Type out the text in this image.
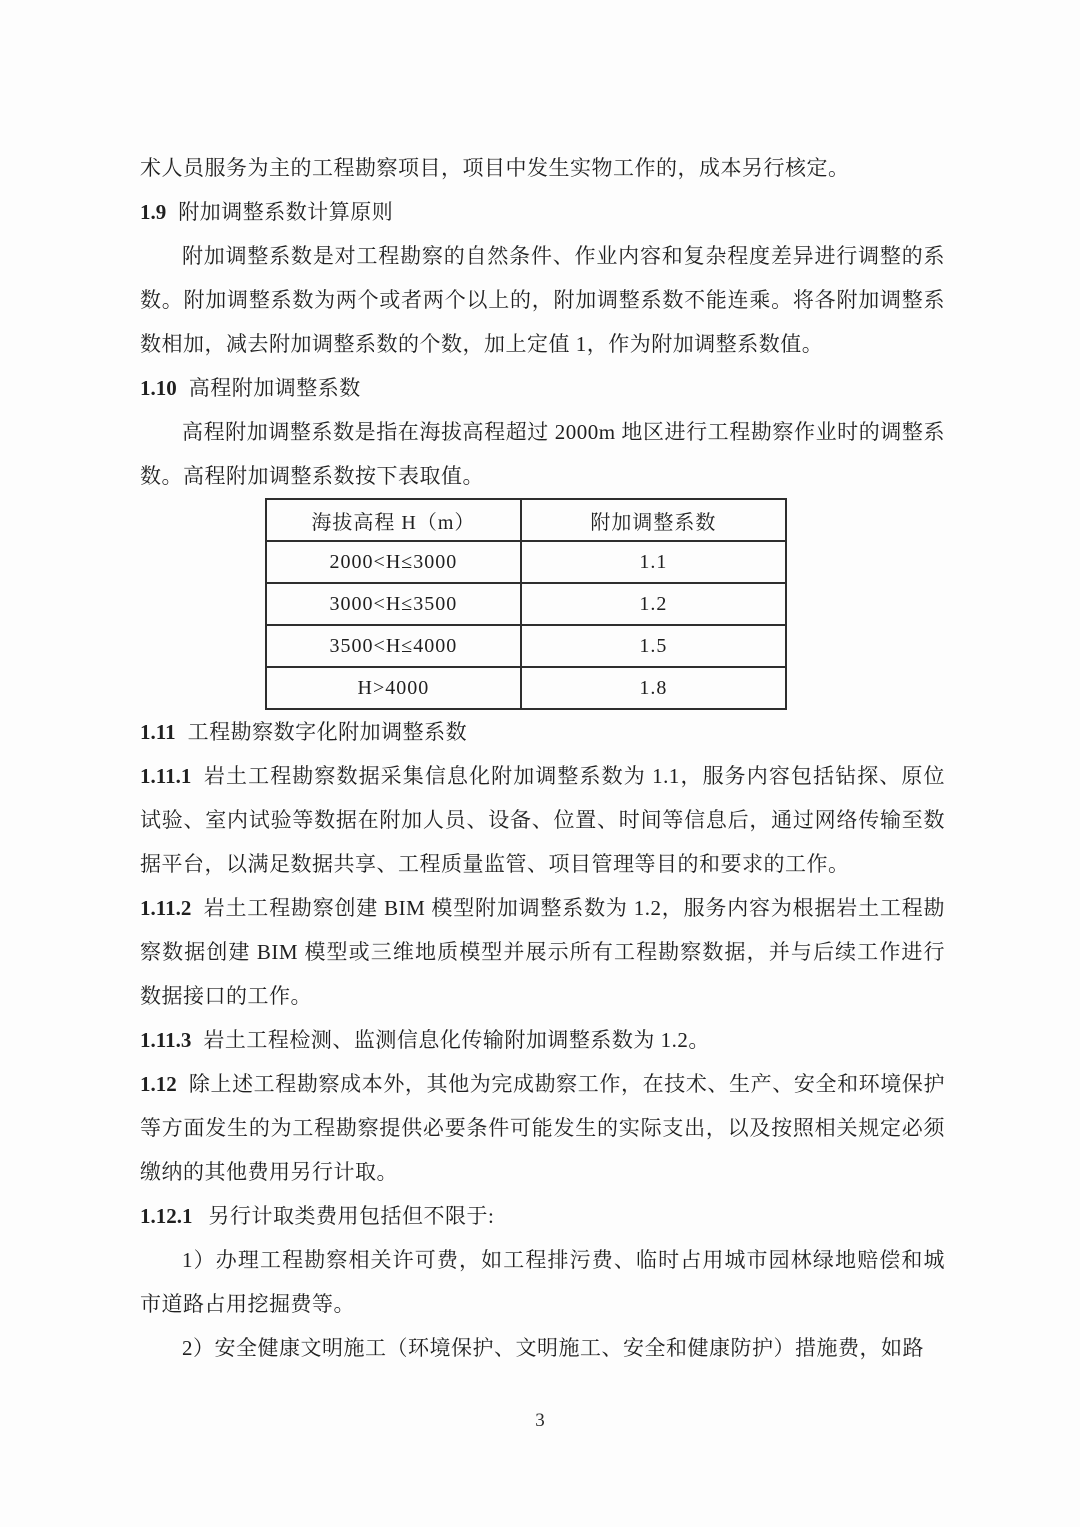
术人员服务为主的工程勘察项目，项目中发生实物工作的，成本另行核定。

1.9 附加调整系数计算原则

附加调整系数是对工程勘察的自然条件、作业内容和复杂程度差异进行调整的系数。附加调整系数为两个或者两个以上的，附加调整系数不能连乘。将各附加调整系数相加，减去附加调整系数的个数，加上定值 1，作为附加调整系数值。

1.10 高程附加调整系数

高程附加调整系数是指在海拔高程超过 2000m 地区进行工程勘察作业时的调整系数。高程附加调整系数按下表取值。

海拔高程 H（m）	附加调整系数
2000<H≤3000	1.1
3000<H≤3500	1.2
3500<H≤4000	1.5
H>4000	1.8

1.11 工程勘察数字化附加调整系数

1.11.1 岩土工程勘察数据采集信息化附加调整系数为 1.1，服务内容包括钻探、原位试验、室内试验等数据在附加人员、设备、位置、时间等信息后，通过网络传输至数据平台，以满足数据共享、工程质量监管、项目管理等目的和要求的工作。

1.11.2 岩土工程勘察创建 BIM 模型附加调整系数为 1.2，服务内容为根据岩土工程勘察数据创建 BIM 模型或三维地质模型并展示所有工程勘察数据，并与后续工作进行数据接口的工作。

1.11.3 岩土工程检测、监测信息化传输附加调整系数为 1.2。

1.12 除上述工程勘察成本外，其他为完成勘察工作，在技术、生产、安全和环境保护等方面发生的为工程勘察提供必要条件可能发生的实际支出，以及按照相关规定必须缴纳的其他费用另行计取。

1.12.1 另行计取类费用包括但不限于:

1）办理工程勘察相关许可费，如工程排污费、临时占用城市园林绿地赔偿和城市道路占用挖掘费等。

2）安全健康文明施工（环境保护、文明施工、安全和健康防护）措施费，如路

3
